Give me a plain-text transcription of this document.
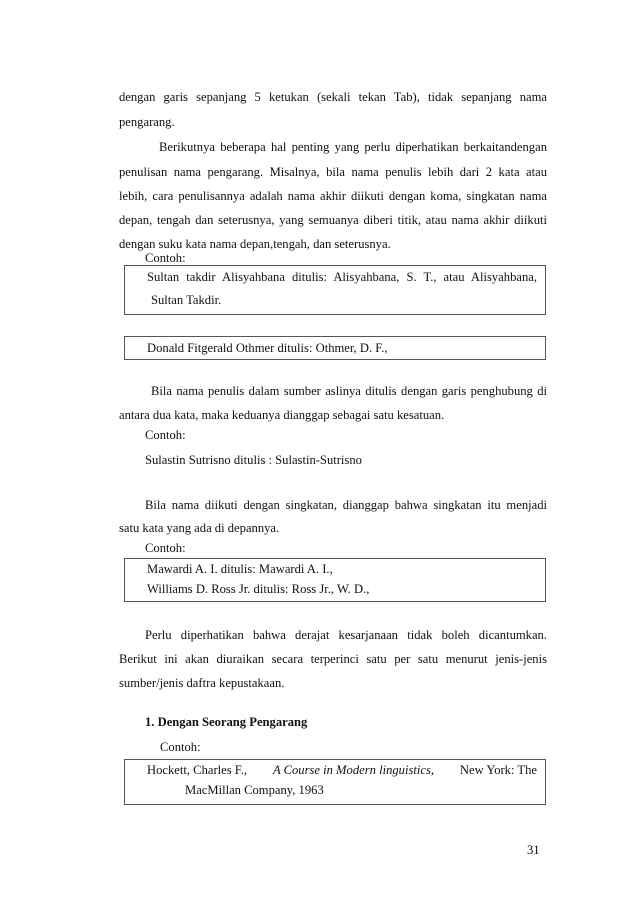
dengan garis sepanjang 5 ketukan (sekali tekan Tab), tidak sepanjang nama
pengarang.
Berikutnya beberapa hal penting yang perlu diperhatikan berkaitandengan
penulisan nama pengarang. Misalnya, bila nama penulis lebih dari 2 kata atau
lebih, cara penulisannya adalah nama akhir diikuti dengan koma, singkatan nama
depan, tengah dan seterusnya, yang semuanya diberi titik, atau nama akhir diikuti
dengan suku kata nama depan,tengah, dan seterusnya.
Contoh:
Sultan takdir Alisyahbana ditulis: Alisyahbana, S. T., atau Alisyahbana,
Sultan Takdir.
Donald Fitgerald Othmer ditulis: Othmer, D. F.,
Bila nama penulis dalam sumber aslinya ditulis dengan garis penghubung di
antara dua kata, maka keduanya dianggap sebagai satu kesatuan.
Contoh:
Sulastin Sutrisno ditulis : Sulastin-Sutrisno
Bila nama diikuti dengan singkatan, dianggap bahwa singkatan itu menjadi
satu kata yang ada di depannya.
Contoh:
Mawardi A. I. ditulis: Mawardi A. I.,
Williams D. Ross Jr. ditulis: Ross Jr., W. D.,
Perlu diperhatikan bahwa derajat kesarjanaan tidak boleh dicantumkan.
Berikut ini akan diuraikan secara terperinci satu per satu menurut jenis-jenis
sumber/jenis daftra kepustakaan.
1. Dengan Seorang Pengarang
Contoh:
Hockett, Charles F., A Course in Modern linguistics, New York: The
MacMillan Company, 1963
31
